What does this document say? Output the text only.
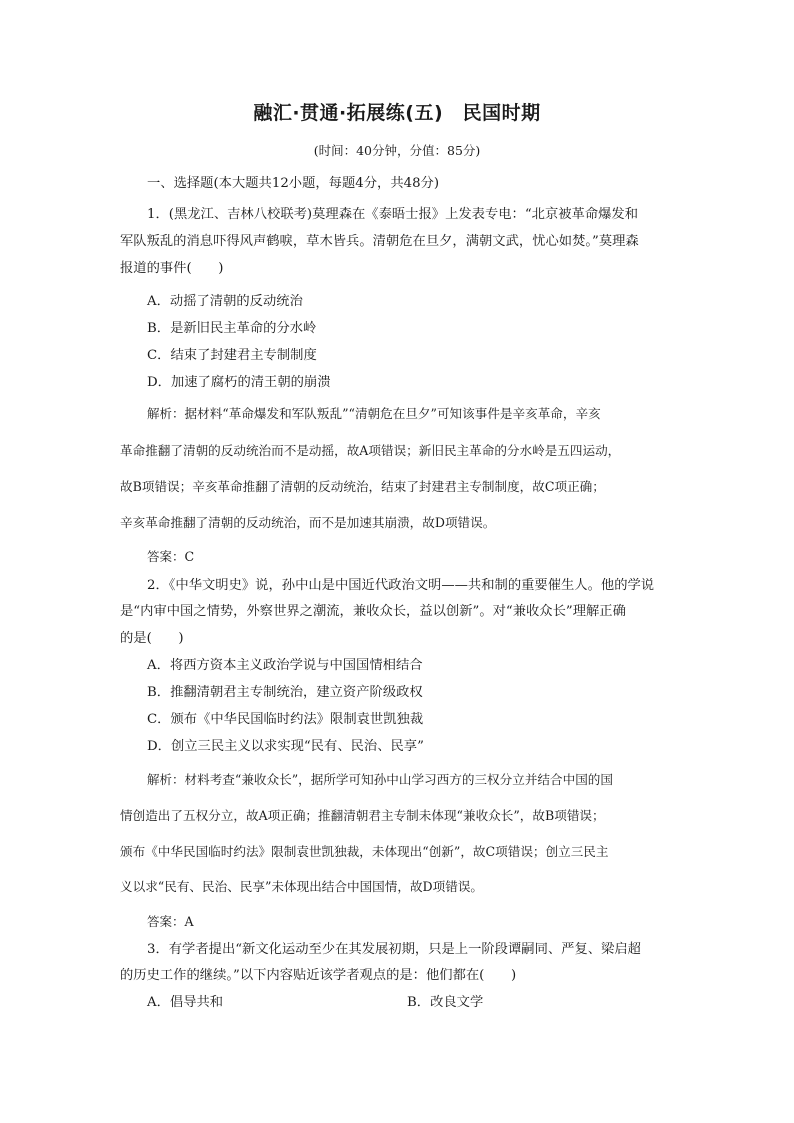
融汇·贯通·拓展练(五)　民国时期
(时间：40分钟，分值：85分)
一、选择题(本大题共12小题，每题4分，共48分)
1．(黑龙江、吉林八校联考)莫理森在《泰晤士报》上发表专电：“北京被革命爆发和
军队叛乱的消息吓得风声鹤唳，草木皆兵。清朝危在旦夕，满朝文武，忧心如焚。”莫理森
报道的事件(　　)
A．动摇了清朝的反动统治
B．是新旧民主革命的分水岭
C．结束了封建君主专制制度
D．加速了腐朽的清王朝的崩溃
解析：据材料“革命爆发和军队叛乱”“清朝危在旦夕”可知该事件是辛亥革命，辛亥
革命推翻了清朝的反动统治而不是动摇，故A项错误；新旧民主革命的分水岭是五四运动，
故B项错误；辛亥革命推翻了清朝的反动统治，结束了封建君主专制制度，故C项正确；
辛亥革命推翻了清朝的反动统治，而不是加速其崩溃，故D项错误。
答案：C
2．《中华文明史》说，孙中山是中国近代政治文明——共和制的重要催生人。他的学说
是“内审中国之情势，外察世界之潮流，兼收众长，益以创新”。对“兼收众长”理解正确
的是(　　)
A．将西方资本主义政治学说与中国国情相结合
B．推翻清朝君主专制统治，建立资产阶级政权
C．颁布《中华民国临时约法》限制袁世凯独裁
D．创立三民主义以求实现“民有、民治、民享”
解析：材料考查“兼收众长”，据所学可知孙中山学习西方的三权分立并结合中国的国
情创造出了五权分立，故A项正确；推翻清朝君主专制未体现“兼收众长”，故B项错误；
颁布《中华民国临时约法》限制袁世凯独裁，未体现出“创新”，故C项错误；创立三民主
义以求“民有、民治、民享”未体现出结合中国国情，故D项错误。
答案：A
3．有学者提出“新文化运动至少在其发展初期，只是上一阶段谭嗣同、严复、梁启超
的历史工作的继续。”以下内容贴近该学者观点的是：他们都在(　　)
A．倡导共和	B．改良文学
